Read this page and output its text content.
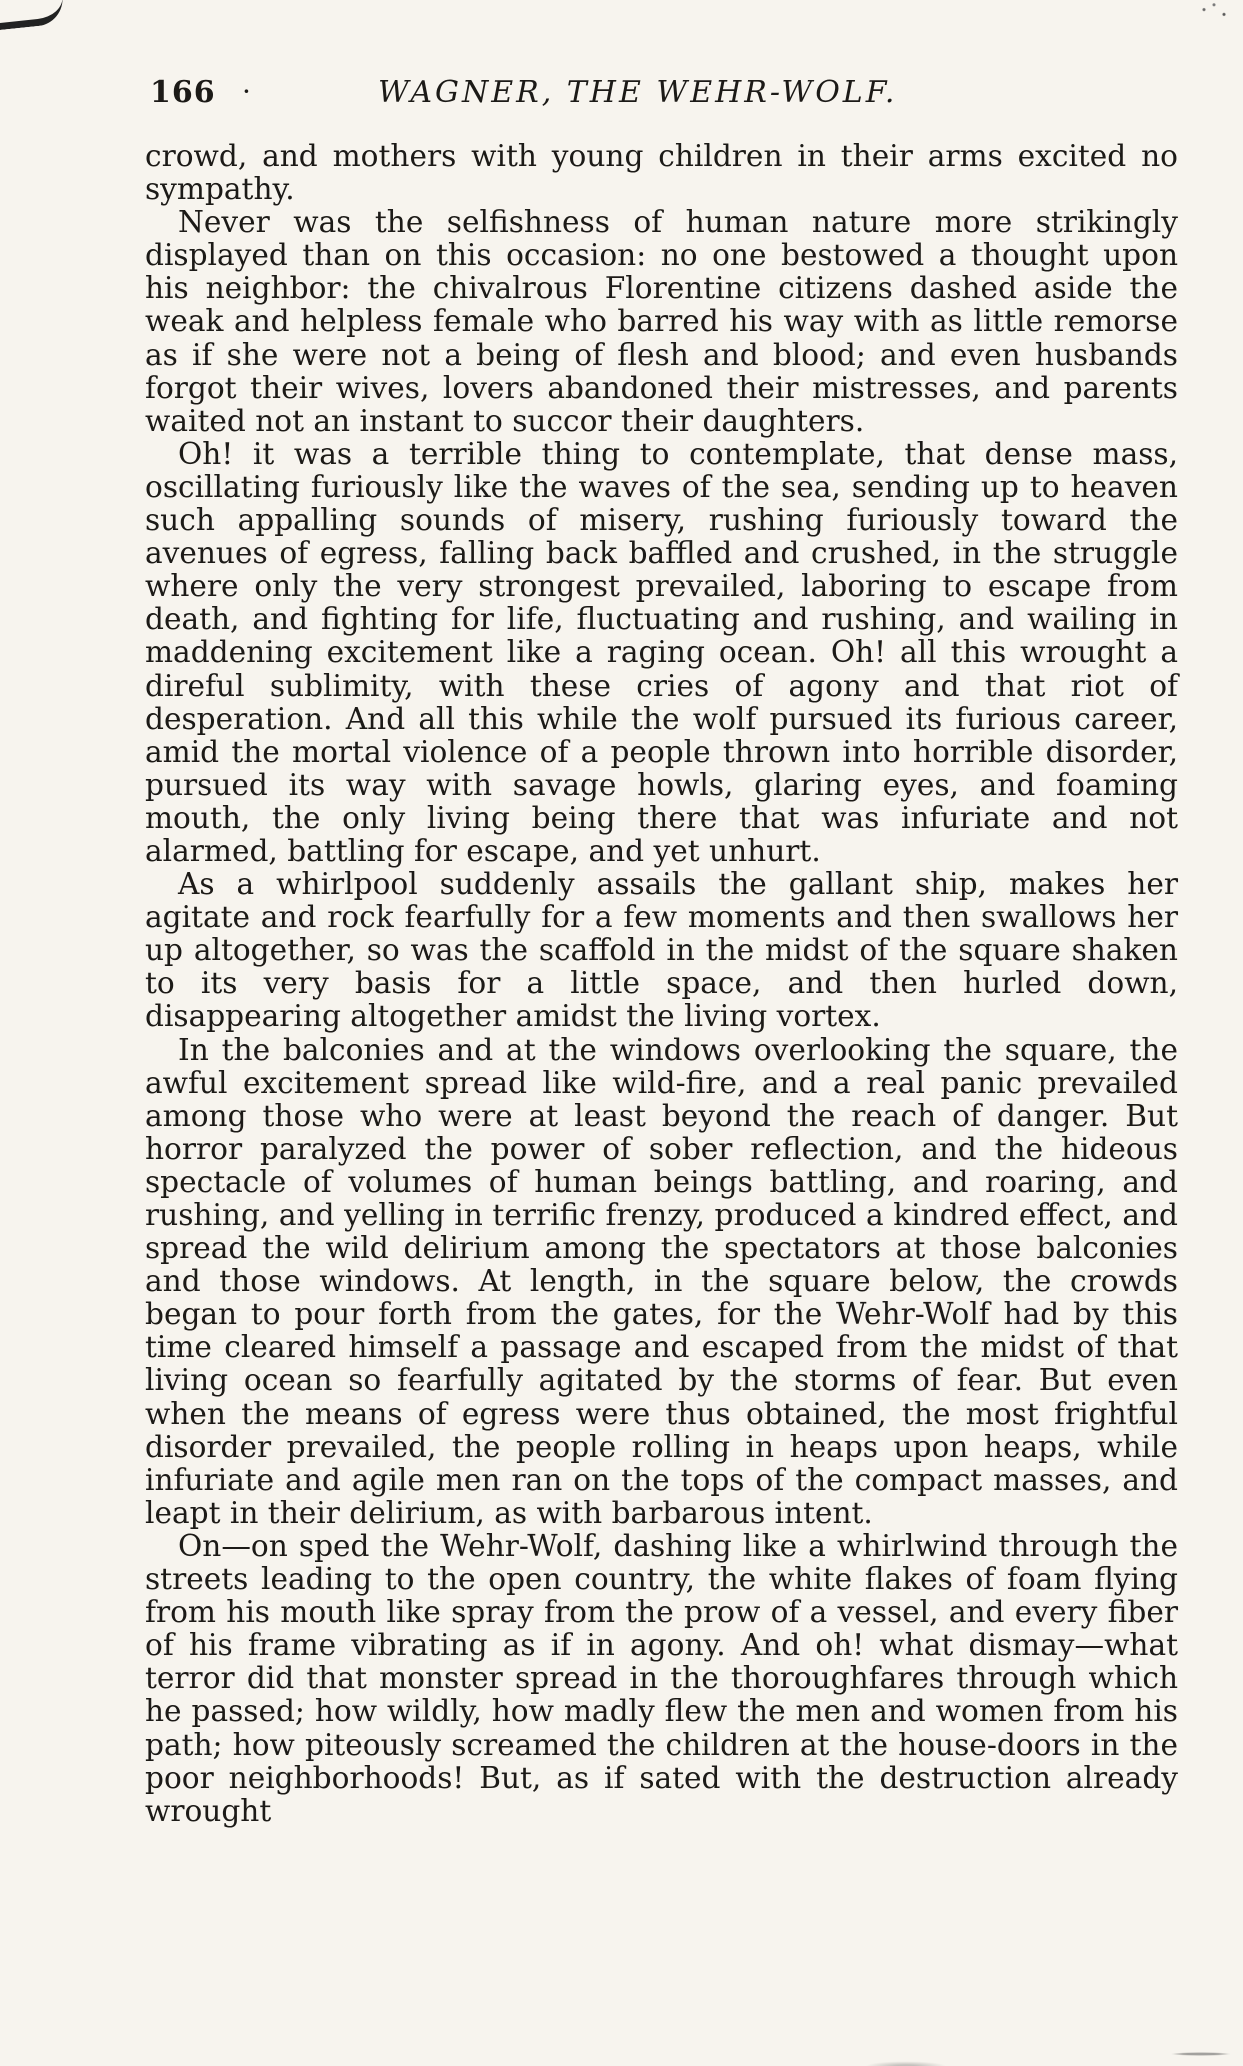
166 ·	WAGNER, THE WEHR-WOLF.

crowd, and mothers with young children in their arms excited no sympathy.

Never was the selfishness of human nature more strikingly displayed than on this occasion: no one bestowed a thought upon his neighbor: the chivalrous Florentine citizens dashed aside the weak and helpless female who barred his way with as little remorse as if she were not a being of flesh and blood; and even husbands forgot their wives, lovers abandoned their mistresses, and parents waited not an instant to succor their daughters.

Oh! it was a terrible thing to contemplate, that dense mass, oscillating furiously like the waves of the sea, sending up to heaven such appalling sounds of misery, rushing furiously toward the avenues of egress, falling back baffled and crushed, in the struggle where only the very strongest prevailed, laboring to escape from death, and fighting for life, fluctuating and rushing, and wailing in maddening excitement like a raging ocean. Oh! all this wrought a direful sublimity, with these cries of agony and that riot of desperation. And all this while the wolf pursued its furious career, amid the mortal violence of a people thrown into horrible disorder, pursued its way with savage howls, glaring eyes, and foaming mouth, the only living being there that was infuriate and not alarmed, battling for escape, and yet unhurt.

As a whirlpool suddenly assails the gallant ship, makes her agitate and rock fearfully for a few moments and then swallows her up altogether, so was the scaffold in the midst of the square shaken to its very basis for a little space, and then hurled down, disappearing altogether amidst the living vortex.

In the balconies and at the windows overlooking the square, the awful excitement spread like wild-fire, and a real panic prevailed among those who were at least beyond the reach of danger. But horror paralyzed the power of sober reflection, and the hideous spectacle of volumes of human beings battling, and roaring, and rushing, and yelling in terrific frenzy, produced a kindred effect, and spread the wild delirium among the spectators at those balconies and those windows. At length, in the square below, the crowds began to pour forth from the gates, for the Wehr-Wolf had by this time cleared himself a passage and escaped from the midst of that living ocean so fearfully agitated by the storms of fear. But even when the means of egress were thus obtained, the most frightful disorder prevailed, the people rolling in heaps upon heaps, while infuriate and agile men ran on the tops of the compact masses, and leapt in their delirium, as with barbarous intent.

On—on sped the Wehr-Wolf, dashing like a whirlwind through the streets leading to the open country, the white flakes of foam flying from his mouth like spray from the prow of a vessel, and every fiber of his frame vibrating as if in agony. And oh! what dismay—what terror did that monster spread in the thoroughfares through which he passed; how wildly, how madly flew the men and women from his path; how piteously screamed the children at the house-doors in the poor neighborhoods! But, as if sated with the destruction already wrought
